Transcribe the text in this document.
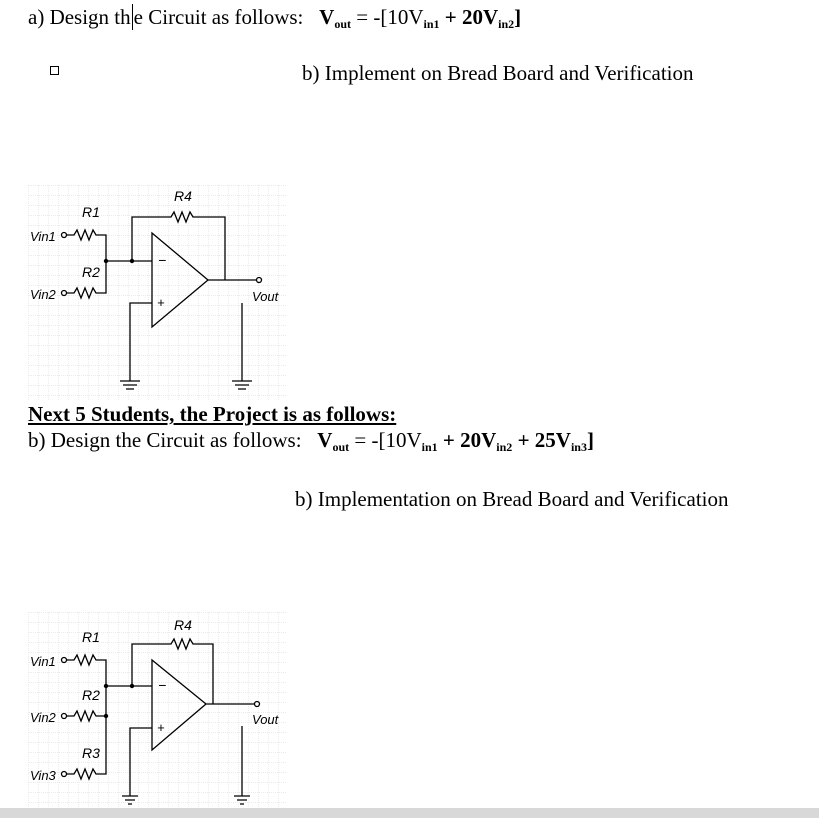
a) Design th e Circuit as follows: $V_{out} = -[10V_{in1} + 20V_{in2}]$
b) Implement on Bread Board and Verification
−
+
R1
R2
R4
Vin1
Vin2	Vout
Next 5 Students, the Project is as follows:
b) Design the Circuit as follows: $V_{out} = -[10V_{in1} + 20V_{in2} + 25V_{in3}]$
b) Implementation on Bread Board and Verification
−
+
R1
R2
R3
R4
Vin1
Vin2
Vin3
Vout
